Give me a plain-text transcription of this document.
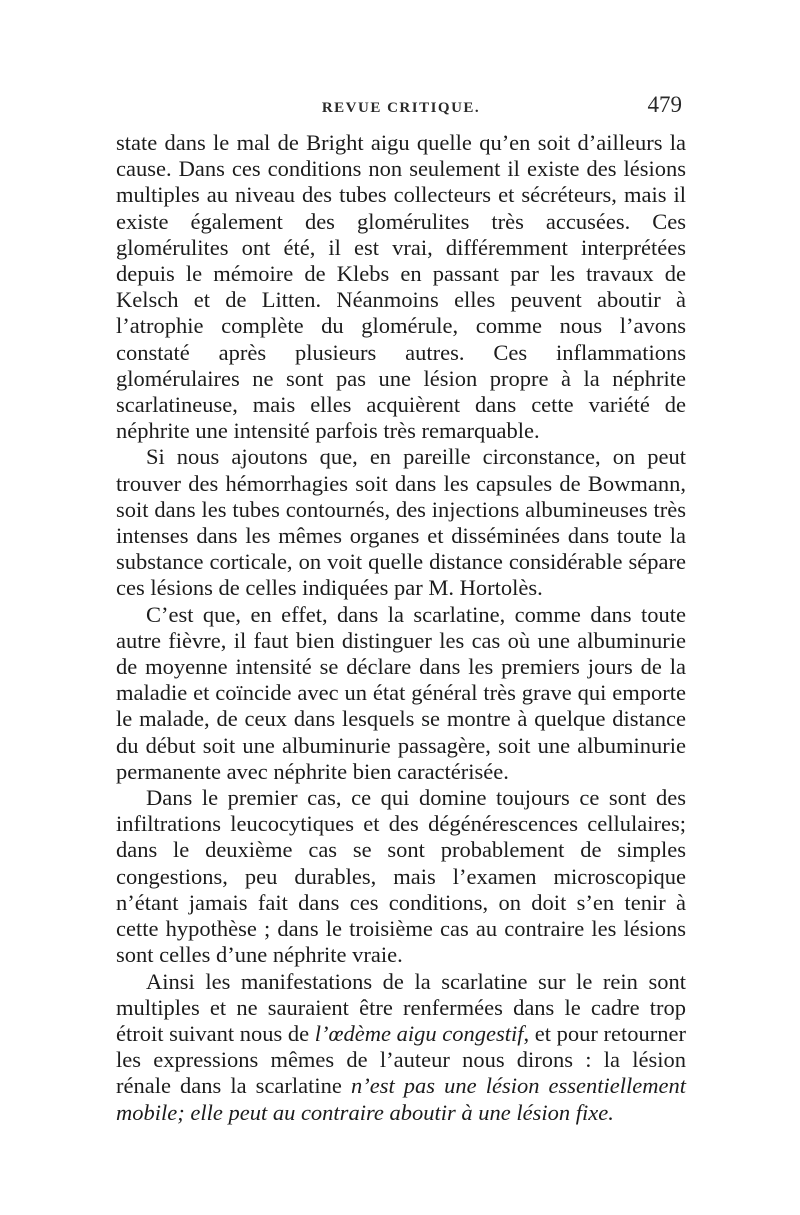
REVUE CRITIQUE.	479

state dans le mal de Bright aigu quelle qu’en soit d’ailleurs la cause. Dans ces conditions non seulement il existe des lésions multiples au niveau des tubes collecteurs et sécréteurs, mais il existe également des glomérulites très accusées. Ces glomérulites ont été, il est vrai, différemment interprétées depuis le mémoire de Klebs en passant par les travaux de Kelsch et de Litten. Néanmoins elles peuvent aboutir à l’atrophie complète du glomérule, comme nous l’avons constaté après plusieurs autres. Ces inflammations glomérulaires ne sont pas une lésion propre à la néphrite scarlatineuse, mais elles acquièrent dans cette variété de néphrite une intensité parfois très remarquable.

Si nous ajoutons que, en pareille circonstance, on peut trouver des hémorrhagies soit dans les capsules de Bowmann, soit dans les tubes contournés, des injections albumineuses très intenses dans les mêmes organes et disséminées dans toute la substance corticale, on voit quelle distance considérable sépare ces lésions de celles indiquées par M. Hortolès.

C’est que, en effet, dans la scarlatine, comme dans toute autre fièvre, il faut bien distinguer les cas où une albuminurie de moyenne intensité se déclare dans les premiers jours de la maladie et coïncide avec un état général très grave qui emporte le malade, de ceux dans lesquels se montre à quelque distance du début soit une albuminurie passagère, soit une albuminurie permanente avec néphrite bien caractérisée.

Dans le premier cas, ce qui domine toujours ce sont des infiltrations leucocytiques et des dégénérescences cellulaires; dans le deuxième cas se sont probablement de simples congestions, peu durables, mais l’examen microscopique n’étant jamais fait dans ces conditions, on doit s’en tenir à cette hypothèse ; dans le troisième cas au contraire les lésions sont celles d’une néphrite vraie.

Ainsi les manifestations de la scarlatine sur le rein sont multiples et ne sauraient être renfermées dans le cadre trop étroit suivant nous de l’œdème aigu congestif, et pour retourner les expressions mêmes de l’auteur nous dirons : la lésion rénale dans la scarlatine n’est pas une lésion essentiellement mobile; elle peut au contraire aboutir à une lésion fixe.
